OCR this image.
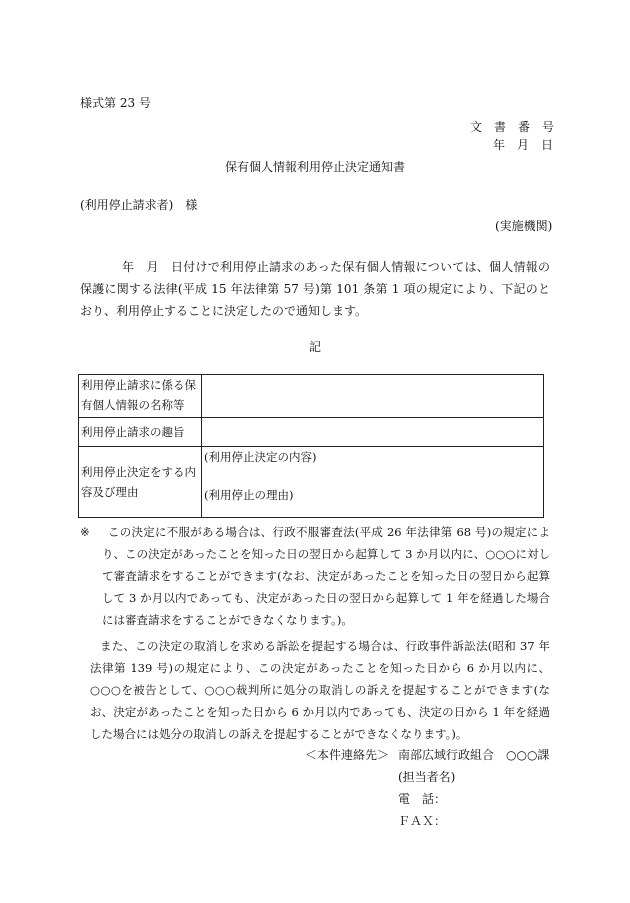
様式第 23 号
文　書　番　号
年　月　日
保有個人情報利用停止決定通知書
(利用停止請求者)　様
(実施機関)

年　月　日付けで利用停止請求のあった保有個人情報については、個人情報の保護に関する法律(平成 15 年法律第 57 号)第 101 条第 1 項の規定により、下記のとおり、利用停止することに決定したので通知します。

記
利用停止請求に係る保有個人情報の名称等	
利用停止請求の趣旨	
利用停止決定をする内容及び理由	(利用停止決定の内容)
(利用停止の理由)
※	この決定に不服がある場合は、行政不服審査法(平成 26 年法律第 68 号)の規定により、この決定があったことを知った日の翌日から起算して 3 か月以内に、○○○に対して審査請求をすることができます(なお、決定があったことを知った日の翌日から起算して 3 か月以内であっても、決定があった日の翌日から起算して 1 年を経過した場合には審査請求をすることができなくなります。)。

また、この決定の取消しを求める訴訟を提起する場合は、行政事件訴訟法(昭和 37 年法律第 139 号)の規定により、この決定があったことを知った日から 6 か月以内に、○○○を被告として、○○○裁判所に処分の取消しの訴えを提起することができます(なお、決定があったことを知った日から 6 か月以内であっても、決定の日から 1 年を経過した場合には処分の取消しの訴えを提起することができなくなります。)。

＜本件連絡先＞ 南部広域行政組合　○○○課
(担当者名)
電　話：
ＦＡＸ：
